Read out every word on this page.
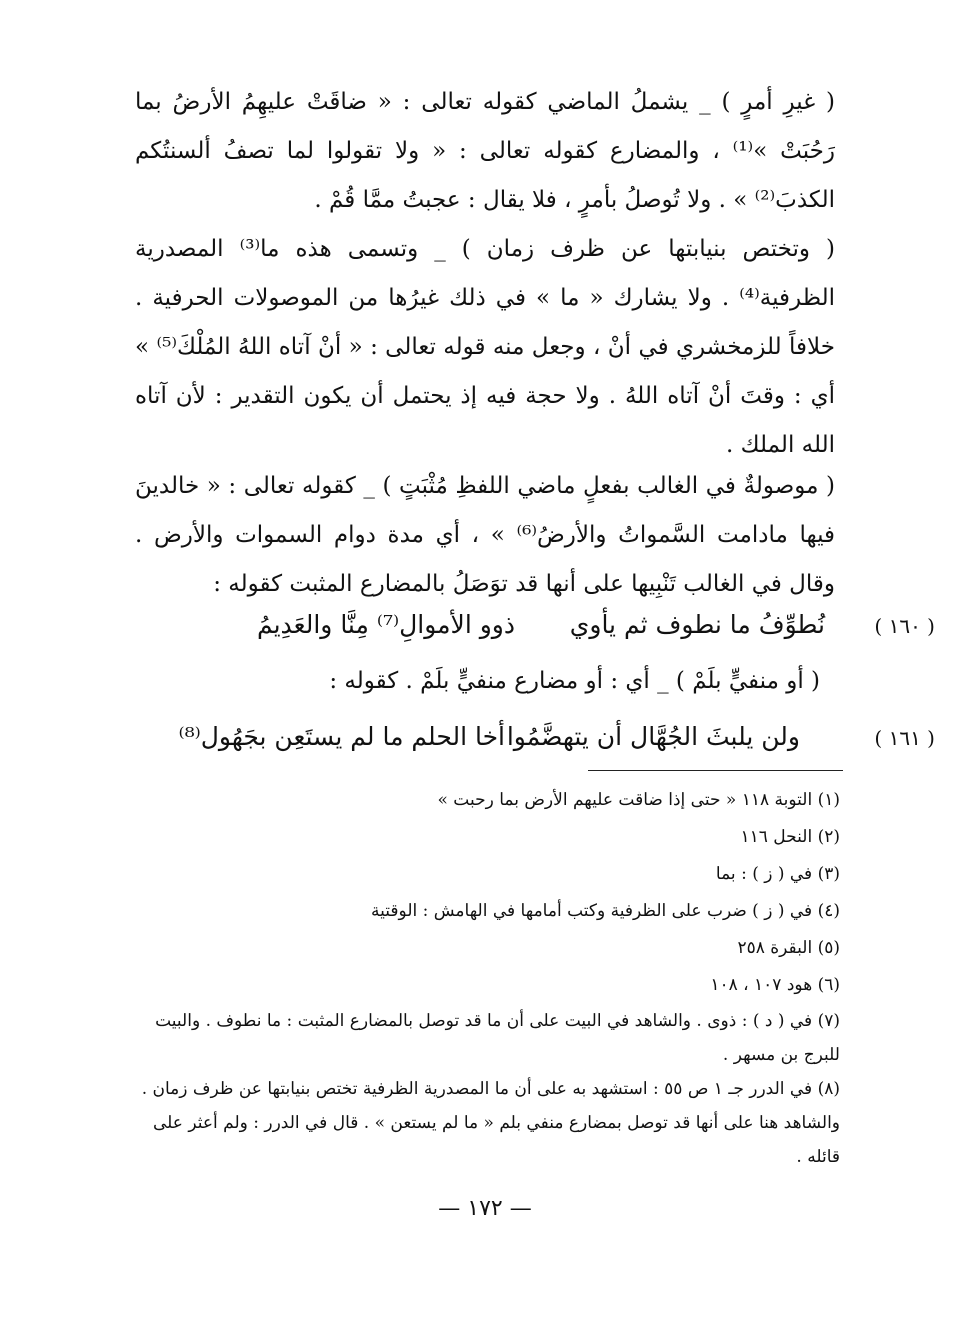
( غيرِ أمرٍ ) _ يشملُ الماضي كقوله تعالى : « ضاقَتْ عليهِمُ الأرضُ بما رَحُبَتْ »⁽¹⁾ ، والمضارع كقوله تعالى : « ولا تقولوا لما تصفُ ألسنتُكم الكذبَ⁽²⁾ » . ولا تُوصلُ بأمرٍ ، فلا يقال : عجبتُ ممَّا قُمْ .

( وتختص بنيابتها عن ظرف زمان ) _ وتسمى هذه ما⁽³⁾ المصدرية الظرفية⁽⁴⁾ . ولا يشارك « ما » في ذلك غيرُها من الموصولات الحرفية . خلافاً للزمخشري في أنْ ، وجعل منه قوله تعالى : « أنْ آتاه اللهُ المُلْكَ⁽⁵⁾ » أي : وقتَ أنْ آتاه اللهُ . ولا حجة فيه إذ يحتمل أن يكون التقدير : لأن آتاه الله الملك .

( موصولةٌ في الغالب بفعلٍ ماضي اللفظِ مُثْبَتٍ ) _ كقوله تعالى : « خالدينَ فيها مادامت السَّمواتُ والأرضُ⁽⁶⁾ » ، أي مدة دوام السموات والأرض . وقال في الغالب تَنْبِيها على أنها قد توَصَلُ بالمضارع المثبت كقوله :

( ١٦٠ )
نُطوِّفُ ما نطوف ثم يأوي
ذوو الأموالِ⁽⁷⁾ مِنَّا والعَدِيمُ
( أو منفيٍّ بلَمْ ) _ أي : أو مضارع منفيٍّ بلَمْ . كقوله :
( ١٦١ )
ولن يلبثَ الجُهَّال أن يتهضَّمُوا
أخا الحلم ما لم يستَعِن بجَهُول⁽⁸⁾

(١) التوبة ١١٨ « حتى إذا ضاقت عليهم الأرض بما رحبت »

(٢) النحل ١١٦

(٣) في ( ز ) : بما

(٤) في ( ز ) ضرب على الظرفية وكتب أمامها في الهامش : الوقتية

(٥) البقرة ٢٥٨

(٦) هود ١٠٧ ، ١٠٨

(٧) في ( د ) : ذوى . والشاهد في البيت على أن ما قد توصل بالمضارع المثبت : ما نطوف . والبيت للبرج بن مسهر .

(٨) في الدرر جـ ١ ص ٥٥ : استشهد به على أن ما المصدرية الظرفية تختص بنيابتها عن ظرف زمان . والشاهد هنا على أنها قد توصل بمضارع منفي بلم « ما لم يستعن » . قال في الدرر : ولم أعثر على قائله .

— ١٧٢ —
